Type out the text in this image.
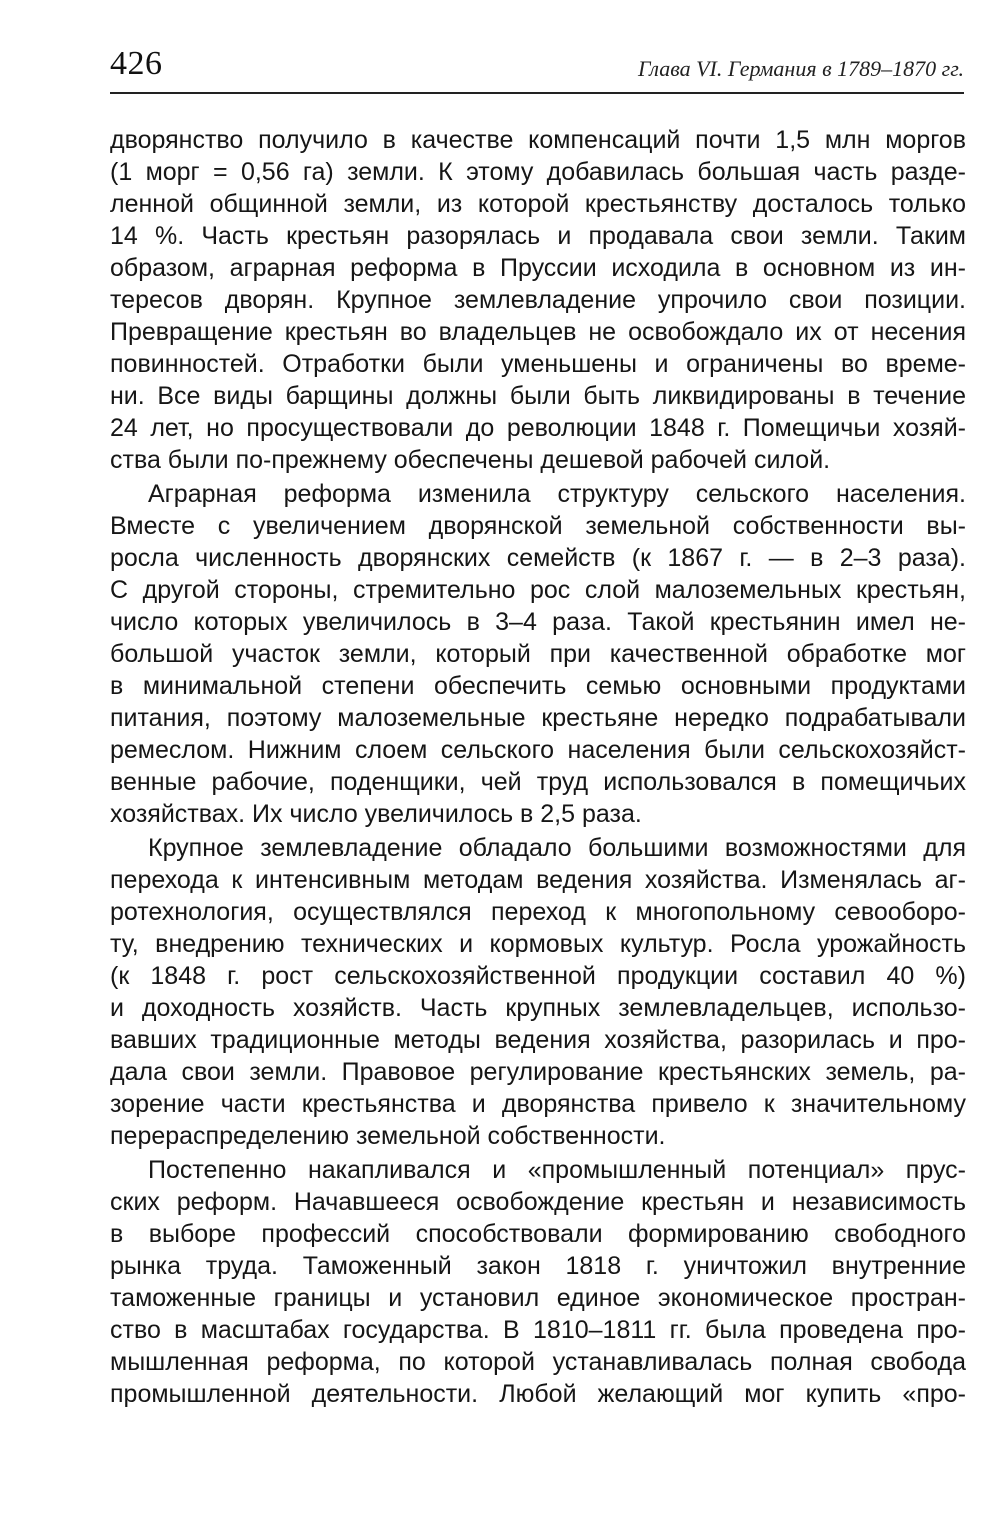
426	Глава VI. Германия в 1789–1870 гг.

дворянство получило в качестве компенсаций почти 1,5 млн моргов
(1 морг = 0,56 га) земли. К этому добавилась большая часть разде-
ленной общинной земли, из которой крестьянству досталось только
14 %. Часть крестьян разорялась и продавала свои земли. Таким
образом, аграрная реформа в Пруссии исходила в основном из ин-
тересов дворян. Крупное землевладение упрочило свои позиции.
Превращение крестьян во владельцев не освобождало их от несения
повинностей. Отработки были уменьшены и ограничены во време-
ни. Все виды барщины должны были быть ликвидированы в течение
24 лет, но просуществовали до революции 1848 г. Помещичьи хозяй-
ства были по-прежнему обеспечены дешевой рабочей силой.

Аграрная реформа изменила структуру сельского населения.
Вместе с увеличением дворянской земельной собственности вы-
росла численность дворянских семейств (к 1867 г. — в 2–3 раза).
С другой стороны, стремительно рос слой малоземельных крестьян,
число которых увеличилось в 3–4 раза. Такой крестьянин имел не-
большой участок земли, который при качественной обработке мог
в минимальной степени обеспечить семью основными продуктами
питания, поэтому малоземельные крестьяне нередко подрабатывали
ремеслом. Нижним слоем сельского населения были сельскохозяйст-
венные рабочие, поденщики, чей труд использовался в помещичьих
хозяйствах. Их число увеличилось в 2,5 раза.

Крупное землевладение обладало большими возможностями для
перехода к интенсивным методам ведения хозяйства. Изменялась аг-
ротехнология, осуществлялся переход к многопольному севооборо-
ту, внедрению технических и кормовых культур. Росла урожайность
(к 1848 г. рост сельскохозяйственной продукции составил 40 %)
и доходность хозяйств. Часть крупных землевладельцев, использо-
вавших традиционные методы ведения хозяйства, разорилась и про-
дала свои земли. Правовое регулирование крестьянских земель, ра-
зорение части крестьянства и дворянства привело к значительному
перераспределению земельной собственности.

Постепенно накапливался и «промышленный потенциал» прус-
ских реформ. Начавшееся освобождение крестьян и независимость
в выборе профессий способствовали формированию свободного
рынка труда. Таможенный закон 1818 г. уничтожил внутренние
таможенные границы и установил единое экономическое простран-
ство в масштабах государства. В 1810–1811 гг. была проведена про-
мышленная реформа, по которой устанавливалась полная свобода
промышленной деятельности. Любой желающий мог купить «про-
